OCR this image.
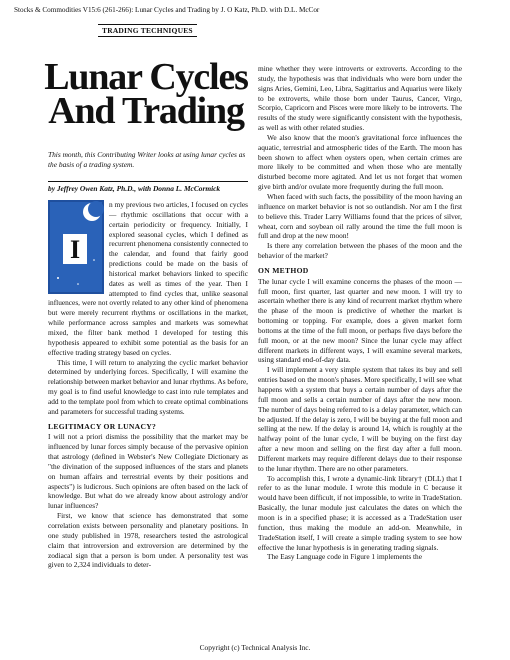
Stocks & Commodities V15:6 (261-266): Lunar Cycles and Trading by J. O Katz, Ph.D. with D.L. McCor
TRADING TECHNIQUES
Lunar Cycles
And Trading
This month, this Contributing Writer looks at using lunar cycles as the basis of a trading system.
by Jeffrey Owen Katz, Ph.D., with Donna L. McCormick
I

n my previous two articles, I focused on cycles — rhythmic oscillations that occur with a certain periodicity or frequency. Initially, I explored seasonal cycles, which I defined as recurrent phenomena consistently connected to the calendar, and found that fairly good predictions could be made on the basis of historical market behaviors linked to specific dates as well as times of the year. Then I attempted to find cycles that, unlike seasonal influences, were not overtly related to any other kind of phenomena but were merely recurrent rhythms or oscillations in the market, while performance across samples and markets was somewhat mixed, the filter bank method I developed for testing this hypothesis appeared to exhibit some potential as the basis for an effective trading strategy based on cycles.

This time, I will return to analyzing the cyclic market behavior determined by underlying forces. Specifically, I will examine the relationship between market behavior and lunar rhythms. As before, my goal is to find useful knowledge to cast into rule templates and add to the template pool from which to create optimal combinations and parameters for successful trading systems.

LEGITIMACY OR LUNACY?

I will not a priori dismiss the possibility that the market may be influenced by lunar forces simply because of the pervasive opinion that astrology (defined in Webster's New Collegiate Dictionary as "the divination of the supposed influences of the stars and planets on human affairs and terrestrial events by their positions and aspects") is ludicrous. Such opinions are often based on the lack of knowledge. But what do we already know about astrology and/or lunar influences?

First, we know that science has demonstrated that some correlation exists between personality and planetary positions. In one study published in 1978, researchers tested the astrological claim that introversion and extroversion are determined by the zodiacal sign that a person is born under. A personality test was given to 2,324 individuals to deter-

mine whether they were introverts or extroverts. According to the study, the hypothesis was that individuals who were born under the signs Aries, Gemini, Leo, Libra, Sagittarius and Aquarius were likely to be extroverts, while those born under Taurus, Cancer, Virgo, Scorpio, Capricorn and Pisces were more likely to be introverts. The results of the study were significantly consistent with the hypothesis, as well as with other related studies.

We also know that the moon's gravitational force influences the aquatic, terrestrial and atmospheric tides of the Earth. The moon has been shown to affect when oysters open, when certain crimes are more likely to be committed and when those who are mentally disturbed become more agitated. And let us not forget that women give birth and/or ovulate more frequently during the full moon.

When faced with such facts, the possibility of the moon having an influence on market behavior is not so outlandish. Nor am I the first to believe this. Trader Larry Williams found that the prices of silver, wheat, corn and soybean oil rally around the time the full moon is full and drop at the new moon!

Is there any correlation between the phases of the moon and the behavior of the market?

ON METHOD

The lunar cycle I will examine concerns the phases of the moon — full moon, first quarter, last quarter and new moon. I will try to ascertain whether there is any kind of recurrent market rhythm where the phase of the moon is predictive of whether the market is bottoming or topping. For example, does a given market form bottoms at the time of the full moon, or perhaps five days before the full moon, or at the new moon? Since the lunar cycle may affect different markets in different ways, I will examine several markets, using standard end-of-day data.

I will implement a very simple system that takes its buy and sell entries based on the moon's phases. More specifically, I will see what happens with a system that buys a certain number of days after the full moon and sells a certain number of days after the new moon. The number of days being referred to is a delay parameter, which can be adjusted. If the delay is zero, I will be buying at the full moon and selling at the new. If the delay is around 14, which is roughly at the halfway point of the lunar cycle, I will be buying on the first day after a new moon and selling on the first day after a full moon. Different markets may require different delays due to their response to the lunar rhythm. There are no other parameters.

To accomplish this, I wrote a dynamic-link library† (DLL) that I refer to as the lunar module. I wrote this module in C because it would have been difficult, if not impossible, to write in TradeStation. Basically, the lunar module just calculates the dates on which the moon is in a specified phase; it is accessed as a TradeStation user function, thus making the module an add-on. Meanwhile, in TradeStation itself, I will create a simple trading system to see how effective the lunar hypothesis is in generating trading signals.

The Easy Language code in Figure 1 implements the

Copyright (c) Technical Analysis Inc.
